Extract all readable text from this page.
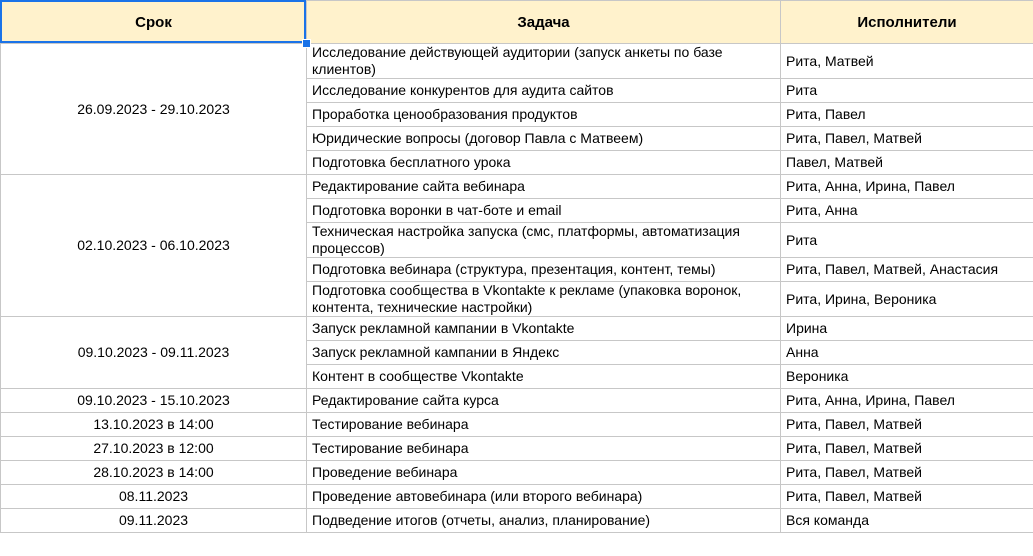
Срок	Задача	Исполнители
26.09.2023 - 29.10.2023	Исследование действующей аудитории (запуск анкеты по базе клиентов)	Рита, Матвей
	Исследование конкурентов для аудита сайтов	Рита
	Проработка ценообразования продуктов	Рита, Павел
	Юридические вопросы (договор Павла с Матвеем)	Рита, Павел, Матвей
	Подготовка бесплатного урока	Павел, Матвей
02.10.2023 - 06.10.2023	Редактирование сайта вебинара	Рита, Анна, Ирина, Павел
	Подготовка воронки в чат-боте и email	Рита, Анна
	Техническая настройка запуска (смс, платформы, автоматизация процессов)	Рита
	Подготовка вебинара (структура, презентация, контент, темы)	Рита, Павел, Матвей, Анастасия
	Подготовка сообщества в Vkontakte к рекламе (упаковка воронок, контента, технические настройки)	Рита, Ирина, Вероника
09.10.2023 - 09.11.2023	Запуск рекламной кампании в Vkontakte	Ирина
	Запуск рекламной кампании в Яндекс	Анна
	Контент в сообществе Vkontakte	Вероника
09.10.2023 - 15.10.2023	Редактирование сайта курса	Рита, Анна, Ирина, Павел
13.10.2023 в 14:00	Тестирование вебинара	Рита, Павел, Матвей
27.10.2023 в 12:00	Тестирование вебинара	Рита, Павел, Матвей
28.10.2023 в 14:00	Проведение вебинара	Рита, Павел, Матвей
08.11.2023	Проведение автовебинара (или второго вебинара)	Рита, Павел, Матвей
09.11.2023	Подведение итогов (отчеты, анализ, планирование)	Вся команда
